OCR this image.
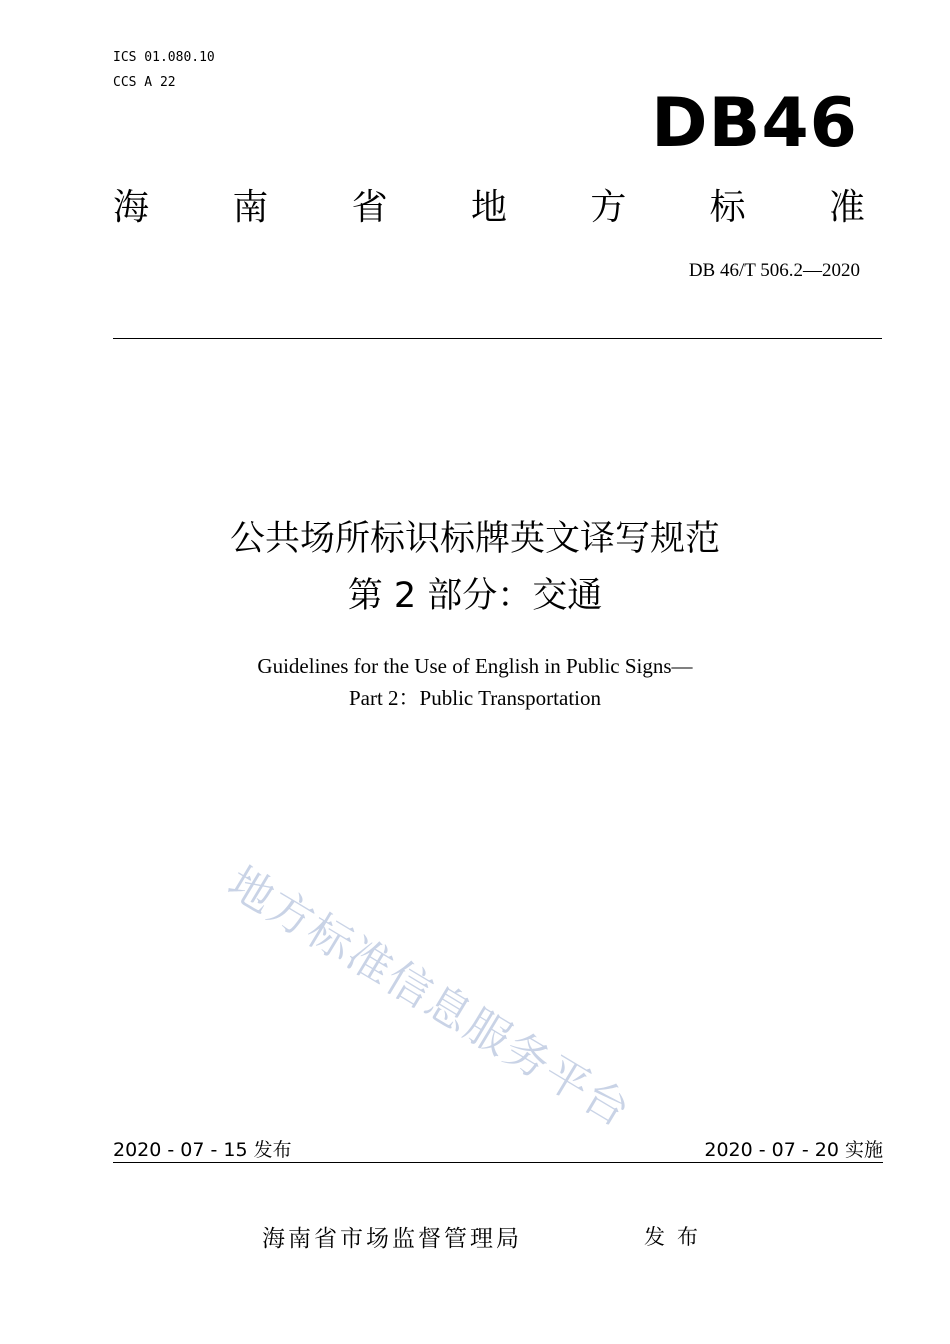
ICS 01.080.10
CCS A 22
DB46
海 南 省 地 方 标 准
DB 46/T 506.2—2020
公共场所标识标牌英文译写规范
第 2 部分：交通
Guidelines for the Use of English in Public Signs—
Part 2：Public Transportation
地方标准信息服务平台
2020 - 07 - 15 发布	2020 - 07 - 20 实施
海南省市场监督管理局	发布
